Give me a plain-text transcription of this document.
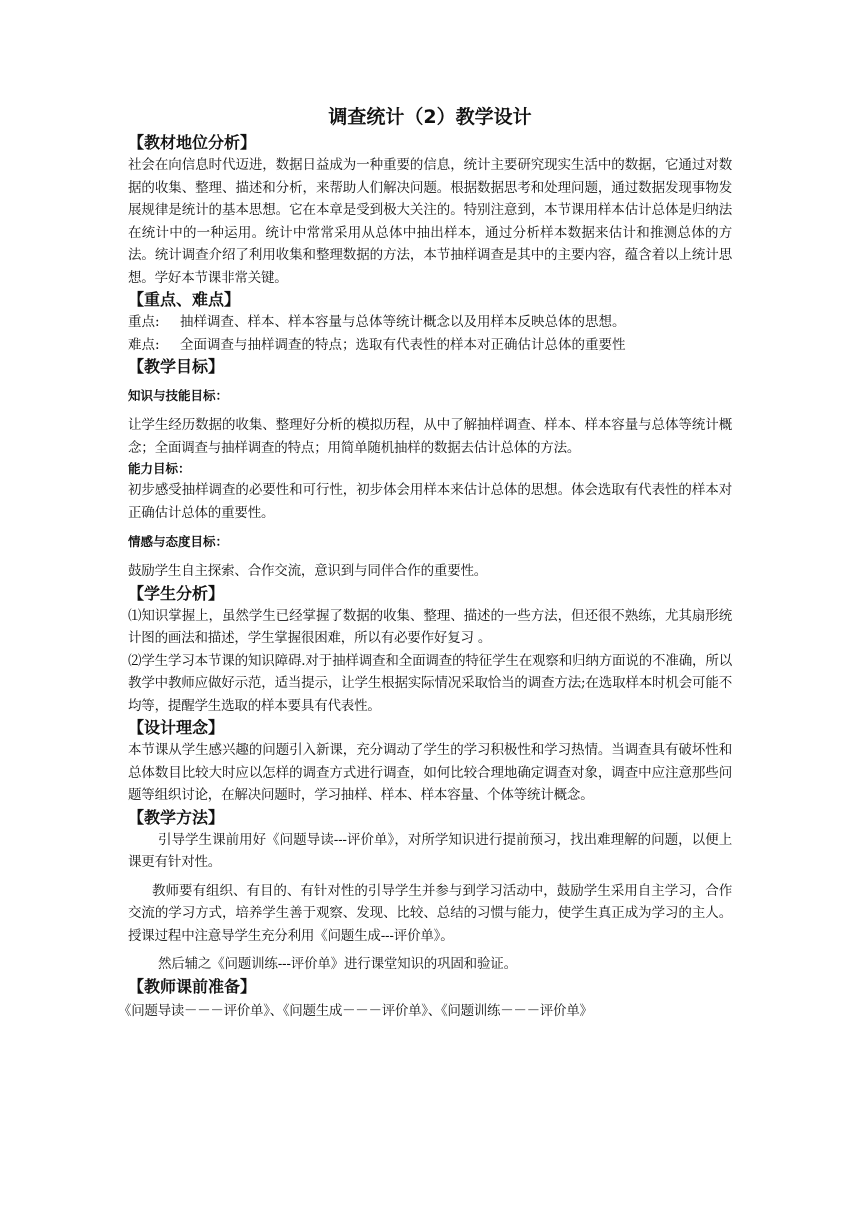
调查统计（2）教学设计
【教材地位分析】

社会在向信息时代迈进，数据日益成为一种重要的信息，统计主要研究现实生活中的数据，它通过对数据的收集、整理、描述和分析，来帮助人们解决问题。根据数据思考和处理问题，通过数据发现事物发展规律是统计的基本思想。它在本章是受到极大关注的。特别注意到，本节课用样本估计总体是归纳法在统计中的一种运用。统计中常常采用从总体中抽出样本，通过分析样本数据来估计和推测总体的方法。统计调查介绍了利用收集和整理数据的方法，本节抽样调查是其中的主要内容，蕴含着以上统计思想。学好本节课非常关键。

【重点、难点】
重点: 抽样调查、样本、样本容量与总体等统计概念以及用样本反映总体的思想。
难点: 全面调查与抽样调查的特点；选取有代表性的样本对正确估计总体的重要性
【教学目标】
知识与技能目标：

让学生经历数据的收集、整理好分析的模拟历程，从中了解抽样调查、样本、样本容量与总体等统计概念；全面调查与抽样调查的特点；用简单随机抽样的数据去估计总体的方法。

能力目标：

初步感受抽样调查的必要性和可行性，初步体会用样本来估计总体的思想。体会选取有代表性的样本对正确估计总体的重要性。

情感与态度目标：

鼓励学生自主探索、合作交流，意识到与同伴合作的重要性。

【学生分析】

⑴知识掌握上，虽然学生已经掌握了数据的收集、整理、描述的一些方法，但还很不熟练，尤其扇形统计图的画法和描述，学生掌握很困难，所以有必要作好复习 。

⑵学生学习本节课的知识障碍.对于抽样调查和全面调查的特征学生在观察和归纳方面说的不准确，所以教学中教师应做好示范，适当提示，让学生根据实际情况采取恰当的调查方法;在选取样本时机会可能不均等，提醒学生选取的样本要具有代表性。

【设计理念】

本节课从学生感兴趣的问题引入新课，充分调动了学生的学习积极性和学习热情。当调查具有破坏性和总体数目比较大时应以怎样的调查方式进行调查，如何比较合理地确定调查对象，调查中应注意那些问题等组织讨论，在解决问题时，学习抽样、样本、样本容量、个体等统计概念。

【教学方法】

引导学生课前用好《问题导读---评价单》，对所学知识进行提前预习，找出难理解的问题，以便上课更有针对性。

教师要有组织、有目的、有针对性的引导学生并参与到学习活动中，鼓励学生采用自主学习，合作交流的学习方式，培养学生善于观察、发现、比较、总结的习惯与能力，使学生真正成为学习的主人。授课过程中注意导学生充分利用《问题生成---评价单》。

然后辅之《问题训练---评价单》进行课堂知识的巩固和验证。

【教师课前准备】
《问题导读－－－评价单》、《问题生成－－－评价单》、《问题训练－－－评价单》
